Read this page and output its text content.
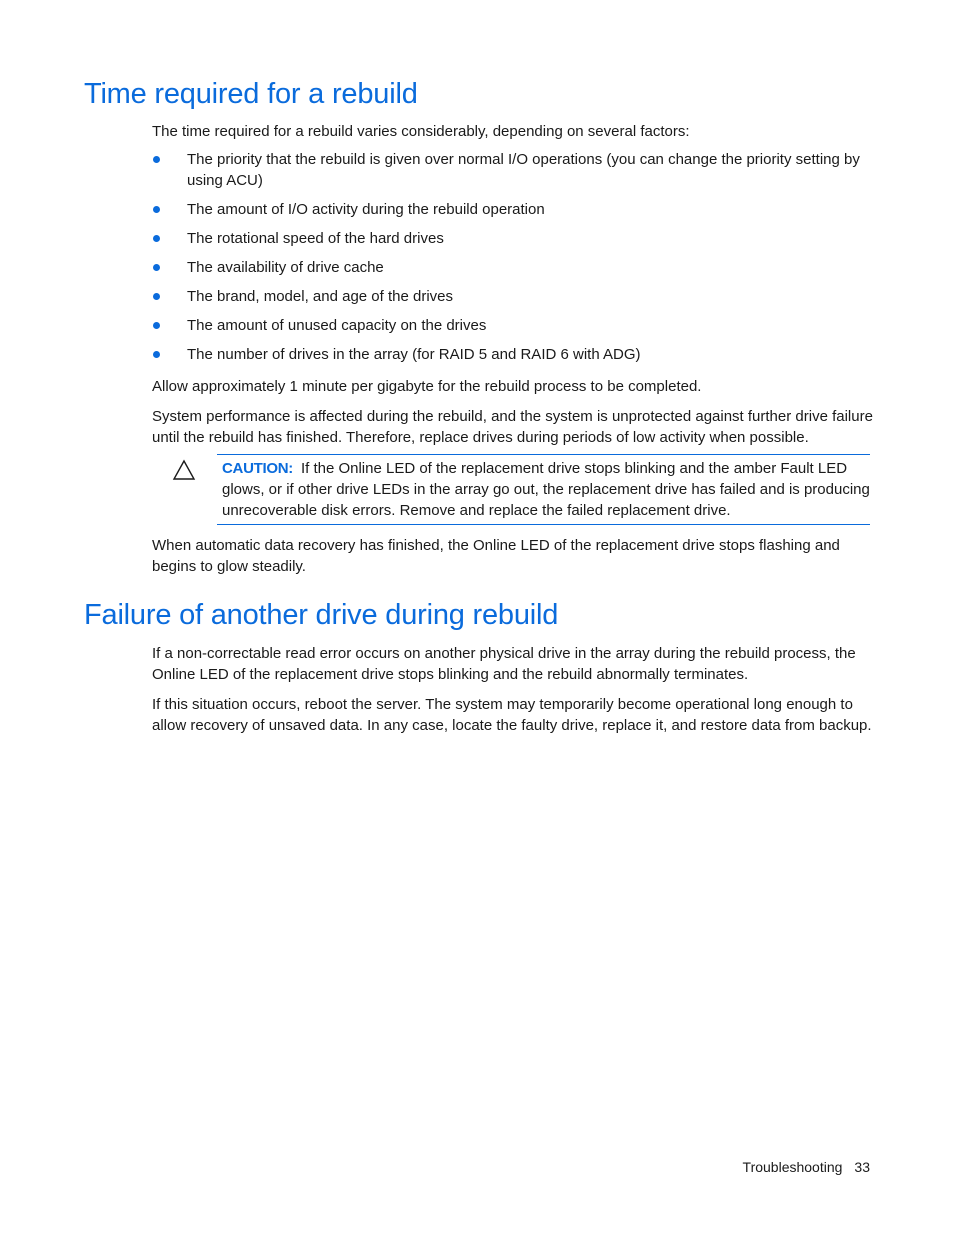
Time required for a rebuild

The time required for a rebuild varies considerably, depending on several factors:

The priority that the rebuild is given over normal I/O operations (you can change the priority setting by using ACU)
The amount of I/O activity during the rebuild operation
The rotational speed of the hard drives
The availability of drive cache
The brand, model, and age of the drives
The amount of unused capacity on the drives
The number of drives in the array (for RAID 5 and RAID 6 with ADG)

Allow approximately 1 minute per gigabyte for the rebuild process to be completed.

System performance is affected during the rebuild, and the system is unprotected against further drive failure until the rebuild has finished. Therefore, replace drives during periods of low activity when possible.

CAUTION: If the Online LED of the replacement drive stops blinking and the amber Fault LED glows, or if other drive LEDs in the array go out, the replacement drive has failed and is producing unrecoverable disk errors. Remove and replace the failed replacement drive.

When automatic data recovery has finished, the Online LED of the replacement drive stops flashing and begins to glow steadily.

Failure of another drive during rebuild

If a non-correctable read error occurs on another physical drive in the array during the rebuild process, the Online LED of the replacement drive stops blinking and the rebuild abnormally terminates.

If this situation occurs, reboot the server. The system may temporarily become operational long enough to allow recovery of unsaved data. In any case, locate the faulty drive, replace it, and restore data from backup.

Troubleshooting 33
